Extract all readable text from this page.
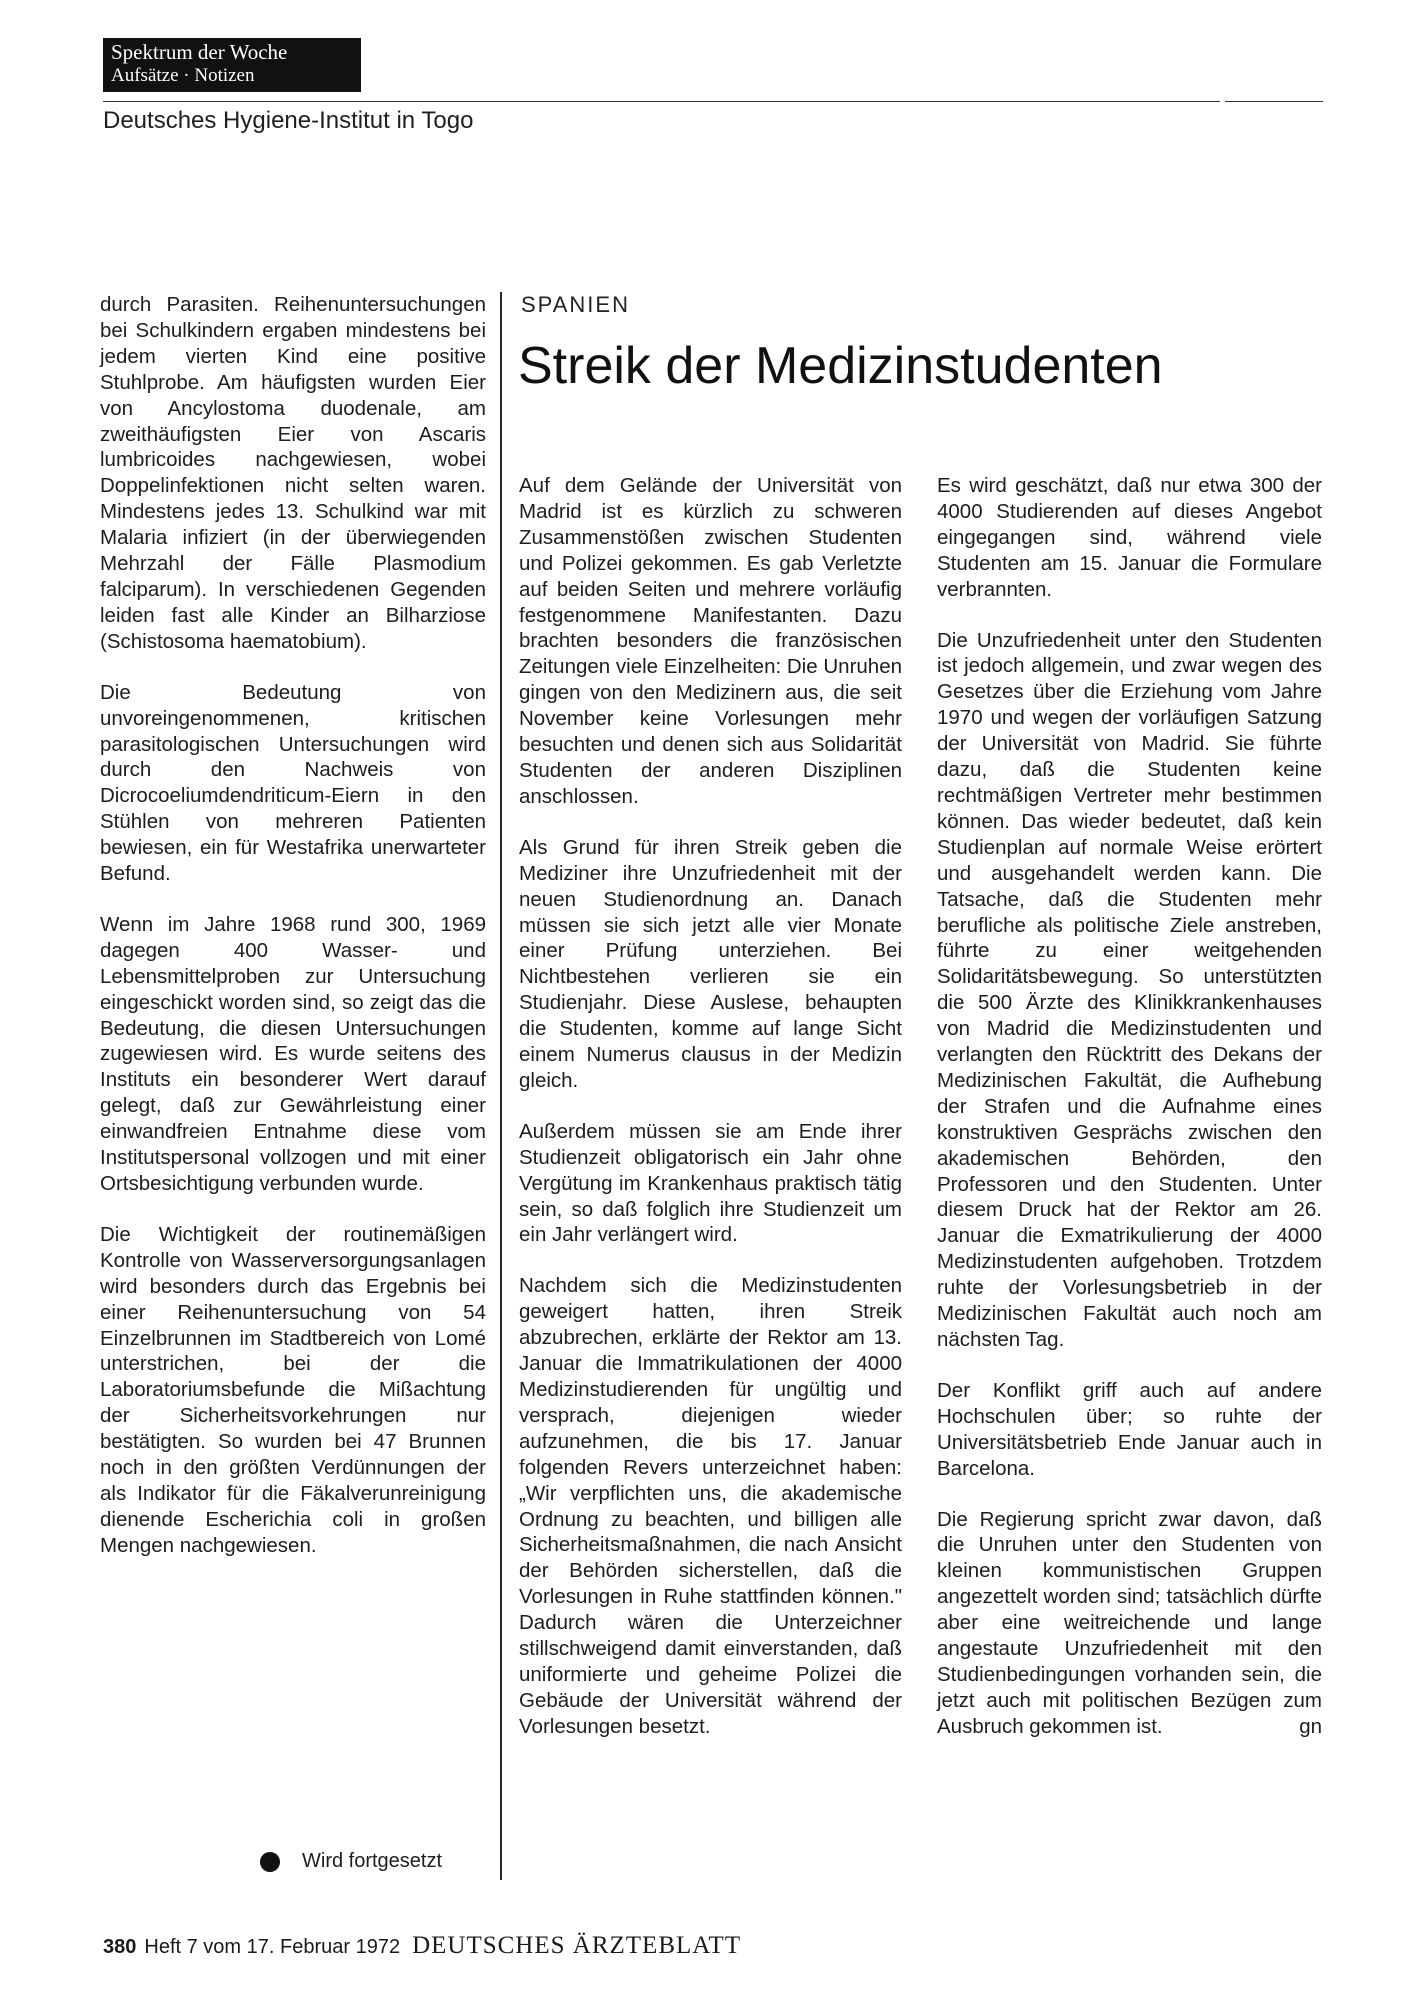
Spektrum der Woche
Aufsätze · Notizen
Deutsches Hygiene-Institut in Togo

durch Parasiten. Reihenuntersuchungen bei Schulkindern ergaben mindestens bei jedem vierten Kind eine positive Stuhlprobe. Am häufigsten wurden Eier von Ancylostoma duodenale, am zweithäufigsten Eier von Ascaris lumbricoides nachgewiesen, wobei Doppelinfektionen nicht selten waren. Mindestens jedes 13. Schulkind war mit Malaria infiziert (in der überwiegenden Mehrzahl der Fälle Plasmodium falciparum). In verschiedenen Gegenden leiden fast alle Kinder an Bilharziose (Schistosoma haematobium).

Die Bedeutung von unvoreingenommenen, kritischen parasitologischen Untersuchungen wird durch den Nachweis von Dicrocoeliumdendriticum-Eiern in den Stühlen von mehreren Patienten bewiesen, ein für Westafrika unerwarteter Befund.

Wenn im Jahre 1968 rund 300, 1969 dagegen 400 Wasser- und Lebensmittelproben zur Untersuchung eingeschickt worden sind, so zeigt das die Bedeutung, die diesen Untersuchungen zugewiesen wird. Es wurde seitens des Instituts ein besonderer Wert darauf gelegt, daß zur Gewährleistung einer einwandfreien Entnahme diese vom Institutspersonal vollzogen und mit einer Ortsbesichtigung verbunden wurde.

Die Wichtigkeit der routinemäßigen Kontrolle von Wasserversorgungsanlagen wird besonders durch das Ergebnis bei einer Reihenuntersuchung von 54 Einzelbrunnen im Stadtbereich von Lomé unterstrichen, bei der die Laboratoriumsbefunde die Mißachtung der Sicherheitsvorkehrungen nur bestätigten. So wurden bei 47 Brunnen noch in den größten Verdünnungen der als Indikator für die Fäkalverunreinigung dienende Escherichia coli in großen Mengen nachgewiesen.

Wird fortgesetzt
SPANIEN
Streik der Medizinstudenten

Auf dem Gelände der Universität von Madrid ist es kürzlich zu schweren Zusammenstößen zwischen Studenten und Polizei gekommen. Es gab Verletzte auf beiden Seiten und mehrere vorläufig festgenommene Manifestanten. Dazu brachten besonders die französischen Zeitungen viele Einzelheiten: Die Unruhen gingen von den Medizinern aus, die seit November keine Vorlesungen mehr besuchten und denen sich aus Solidarität Studenten der anderen Disziplinen anschlossen.

Als Grund für ihren Streik geben die Mediziner ihre Unzufriedenheit mit der neuen Studienordnung an. Danach müssen sie sich jetzt alle vier Monate einer Prüfung unterziehen. Bei Nichtbestehen verlieren sie ein Studienjahr. Diese Auslese, behaupten die Studenten, komme auf lange Sicht einem Numerus clausus in der Medizin gleich.

Außerdem müssen sie am Ende ihrer Studienzeit obligatorisch ein Jahr ohne Vergütung im Krankenhaus praktisch tätig sein, so daß folglich ihre Studienzeit um ein Jahr verlängert wird.

Nachdem sich die Medizinstudenten geweigert hatten, ihren Streik abzubrechen, erklärte der Rektor am 13. Januar die Immatrikulationen der 4000 Medizinstudierenden für ungültig und versprach, diejenigen wieder aufzunehmen, die bis 17. Januar folgenden Revers unterzeichnet haben: „Wir verpflichten uns, die akademische Ordnung zu beachten, und billigen alle Sicherheitsmaßnahmen, die nach Ansicht der Behörden sicherstellen, daß die Vorlesungen in Ruhe stattfinden können." Dadurch wären die Unterzeichner stillschweigend damit einverstanden, daß uniformierte und geheime Polizei die Gebäude der Universität während der Vorlesungen besetzt.

Es wird geschätzt, daß nur etwa 300 der 4000 Studierenden auf dieses Angebot eingegangen sind, während viele Studenten am 15. Januar die Formulare verbrannten.

Die Unzufriedenheit unter den Studenten ist jedoch allgemein, und zwar wegen des Gesetzes über die Erziehung vom Jahre 1970 und wegen der vorläufigen Satzung der Universität von Madrid. Sie führte dazu, daß die Studenten keine rechtmäßigen Vertreter mehr bestimmen können. Das wieder bedeutet, daß kein Studienplan auf normale Weise erörtert und ausgehandelt werden kann. Die Tatsache, daß die Studenten mehr berufliche als politische Ziele anstreben, führte zu einer weitgehenden Solidaritätsbewegung. So unterstützten die 500 Ärzte des Klinikkrankenhauses von Madrid die Medizinstudenten und verlangten den Rücktritt des Dekans der Medizinischen Fakultät, die Aufhebung der Strafen und die Aufnahme eines konstruktiven Gesprächs zwischen den akademischen Behörden, den Professoren und den Studenten. Unter diesem Druck hat der Rektor am 26. Januar die Exmatrikulierung der 4000 Medizinstudenten aufgehoben. Trotzdem ruhte der Vorlesungsbetrieb in der Medizinischen Fakultät auch noch am nächsten Tag.

Der Konflikt griff auch auf andere Hochschulen über; so ruhte der Universitätsbetrieb Ende Januar auch in Barcelona.

Die Regierung spricht zwar davon, daß die Unruhen unter den Studenten von kleinen kommunistischen Gruppen angezettelt worden sind; tatsächlich dürfte aber eine weitreichende und lange angestaute Unzufriedenheit mit den Studienbedingungen vorhanden sein, die jetzt auch mit politischen Bezügen zum Ausbruch gekommen ist.	gn

380 Heft 7 vom 17. Februar 1972 DEUTSCHES ÄRZTEBLATT
